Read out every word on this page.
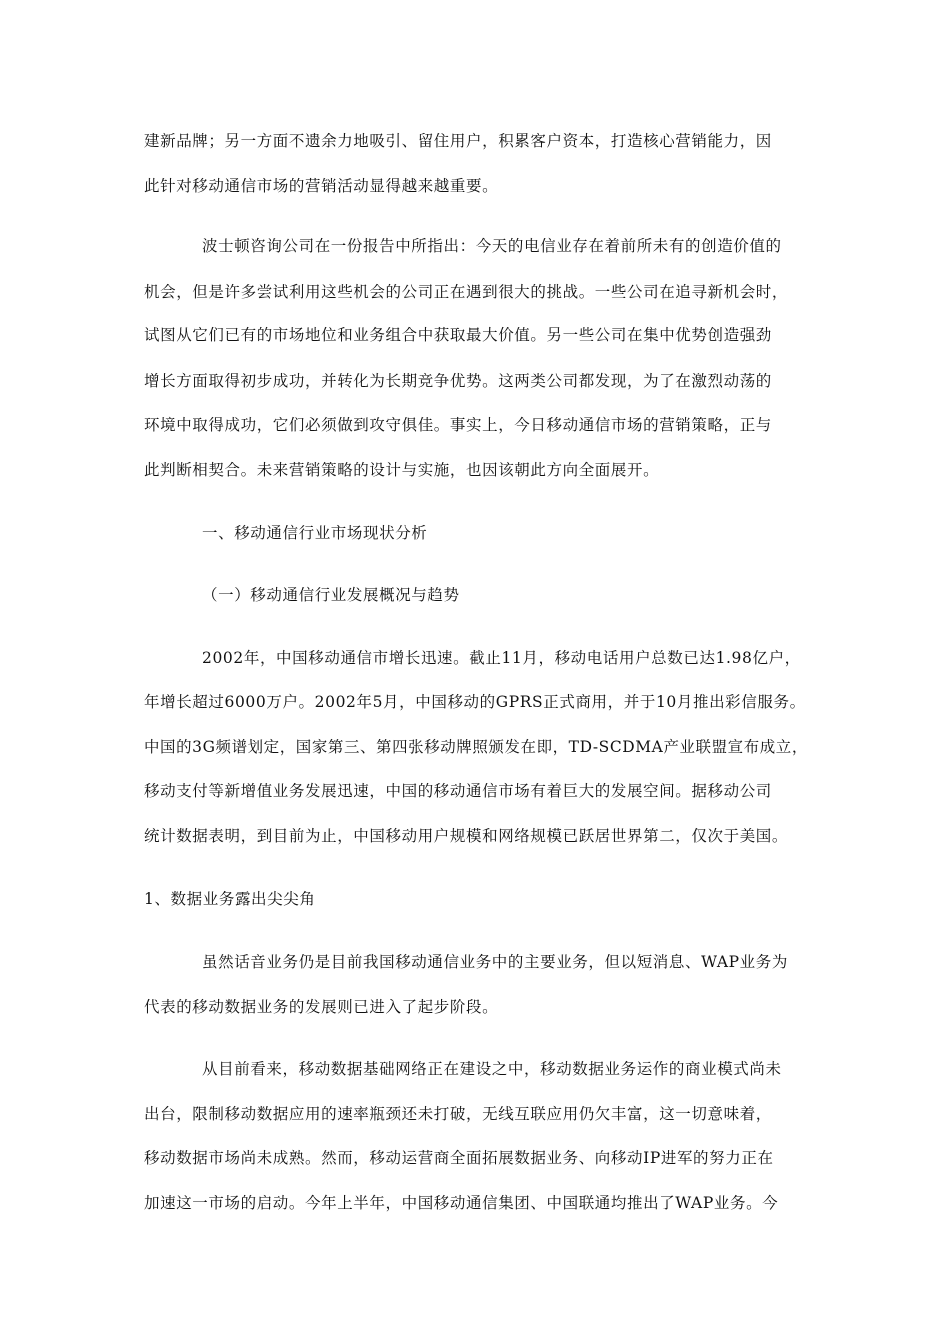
建新品牌；另一方面不遗余力地吸引、留住用户，积累客户资本，打造核心营销能力，因
此针对移动通信市场的营销活动显得越来越重要。
波士顿咨询公司在一份报告中所指出：今天的电信业存在着前所未有的创造价值的
机会，但是许多尝试利用这些机会的公司正在遇到很大的挑战。一些公司在追寻新机会时，
试图从它们已有的市场地位和业务组合中获取最大价值。另一些公司在集中优势创造强劲
增长方面取得初步成功，并转化为长期竞争优势。这两类公司都发现，为了在激烈动荡的
环境中取得成功，它们必须做到攻守俱佳。事实上，今日移动通信市场的营销策略，正与
此判断相契合。未来营销策略的设计与实施，也因该朝此方向全面展开。
一、移动通信行业市场现状分析
（一）移动通信行业发展概况与趋势
2002年，中国移动通信市增长迅速。截止11月，移动电话用户总数已达1.98亿户，
年增长超过6000万户。2002年5月，中国移动的GPRS正式商用，并于10月推出彩信服务。
中国的3G频谱划定，国家第三、第四张移动牌照颁发在即，TD-SCDMA产业联盟宣布成立，
移动支付等新增值业务发展迅速，中国的移动通信市场有着巨大的发展空间。据移动公司
统计数据表明，到目前为止，中国移动用户规模和网络规模已跃居世界第二，仅次于美国。
1、数据业务露出尖尖角
虽然话音业务仍是目前我国移动通信业务中的主要业务，但以短消息、WAP业务为
代表的移动数据业务的发展则已进入了起步阶段。
从目前看来，移动数据基础网络正在建设之中，移动数据业务运作的商业模式尚未
出台，限制移动数据应用的速率瓶颈还未打破，无线互联应用仍欠丰富，这一切意味着，
移动数据市场尚未成熟。然而，移动运营商全面拓展数据业务、向移动IP进军的努力正在
加速这一市场的启动。今年上半年，中国移动通信集团、中国联通均推出了WAP业务。今
